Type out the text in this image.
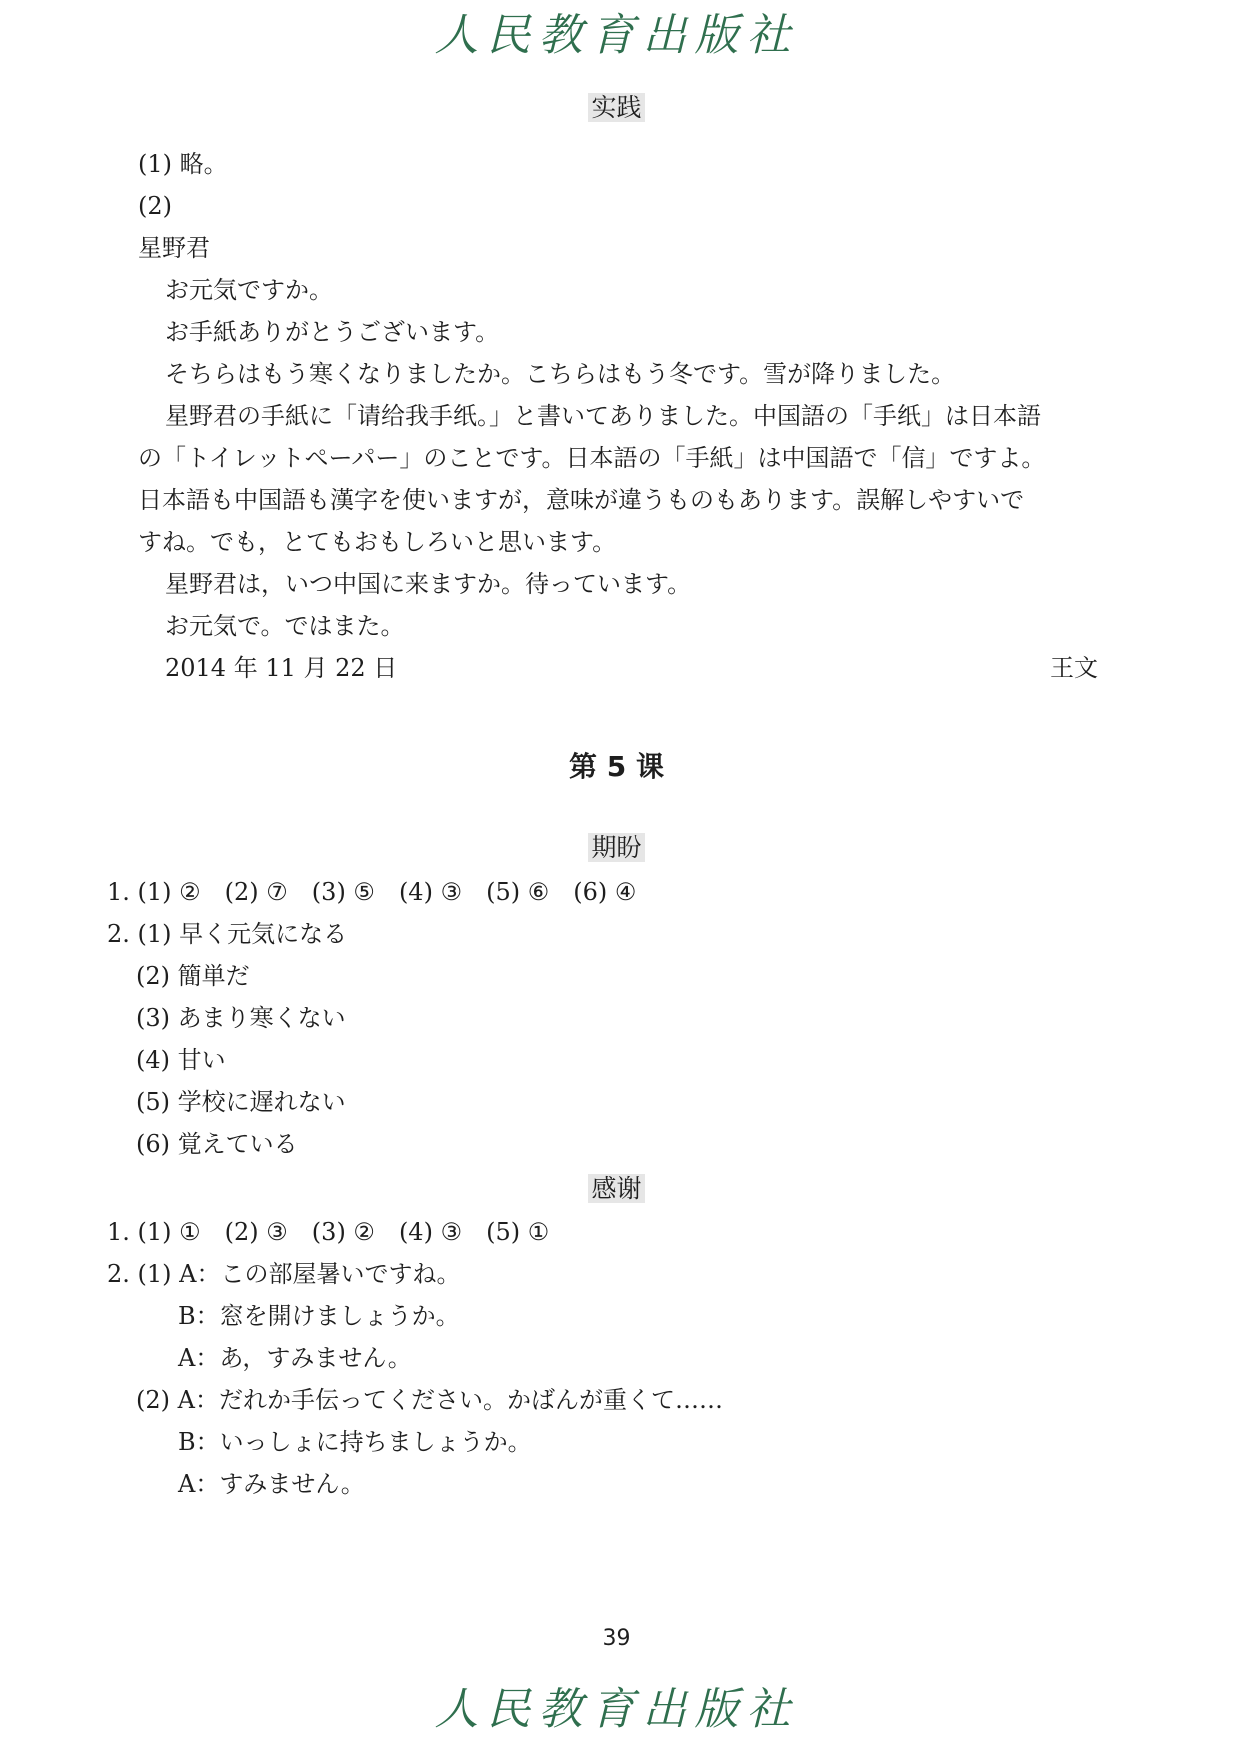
人民教育出版社
实践
(1) 略。
(2)
星野君
お元気ですか。
お手紙ありがとうございます。
そちらはもう寒くなりましたか。こちらはもう冬です。雪が降りました。
星野君の手紙に「请给我手纸。」と書いてありました。中国語の「手纸」は日本語
の「トイレットペーパー」のことです。日本語の「手紙」は中国語で「信」ですよ。
日本語も中国語も漢字を使いますが，意味が違うものもあります。誤解しやすいで
すね。でも，とてもおもしろいと思います。
星野君は，いつ中国に来ますか。待っています。
お元気で。ではまた。
2014 年 11 月 22 日	王文
第 5 课
期盼
1. (1) ②　(2) ⑦　(3) ⑤　(4) ③　(5) ⑥　(6) ④
2. (1) 早く元気になる
(2) 簡単だ
(3) あまり寒くない
(4) 甘い
(5) 学校に遅れない
(6) 覚えている
感谢
1. (1) ①　(2) ③　(3) ②　(4) ③　(5) ①
2. (1) A：この部屋暑いですね。
B：窓を開けましょうか。
A：あ，すみません。
(2) A：だれか手伝ってください。かばんが重くて……
B：いっしょに持ちましょうか。
A：すみません。
39
人民教育出版社
